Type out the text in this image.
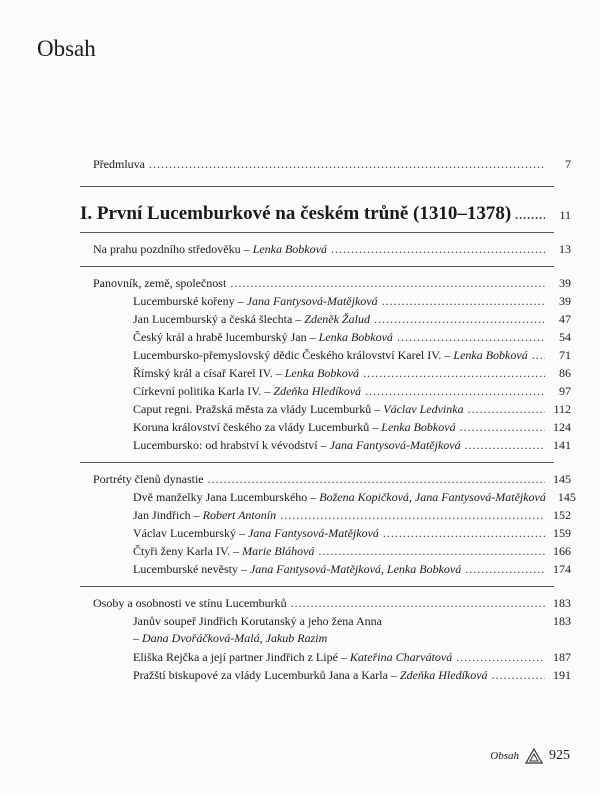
Obsah
Předmluva . . .	7
I. První Lucemburkové na českém trůně (1310–1378) . . .	11
Na prahu pozdního středověku – Lenka Bobková . . .	13
Panovník, země, společnost . . .	39
Lucemburské kořeny – Jana Fantysová-Matějková . . .	39
Jan Lucemburský a česká šlechta – Zdeněk Žalud . . .	47
Český král a hrabě lucemburský Jan – Lenka Bobková . . .	54
Lucembursko-přemyslovský dědic Českého království Karel IV. – Lenka Bobková . . .	71
Římský král a císař Karel IV. – Lenka Bobková . . .	86
Církevní politika Karla IV. – Zdeňka Hledíková . . .	97
Caput regni. Pražská města za vlády Lucemburků – Václav Ledvinka . . .	112
Koruna království českého za vlády Lucemburků – Lenka Bobková . . .	124
Lucembursko: od hrabství k vévodství – Jana Fantysová-Matějková . . .	141
Portréty členů dynastie . . .	145
Dvě manželky Jana Lucemburského – Božena Kopičková, Jana Fantysová-Matějková	145
Jan Jindřich – Robert Antonín . . .	152
Václav Lucemburský – Jana Fantysová-Matějková . . .	159
Čtyři ženy Karla IV. – Marie Bláhová . . .	166
Lucemburské nevěsty – Jana Fantysová-Matějková, Lenka Bobková . . .	174
Osoby a osobnosti ve stínu Lucemburků . . .	183
Janův soupeř Jindřich Korutanský a jeho žena Anna	183
– Dana Dvořáčková-Malá, Jakub Razim
Eliška Rejčka a její partner Jindřich z Lipé – Kateřina Charvátová . . .	187
Pražští biskupové za vlády Lucemburků Jana a Karla – Zdeňka Hledíková . . .	191
Obsah 925
